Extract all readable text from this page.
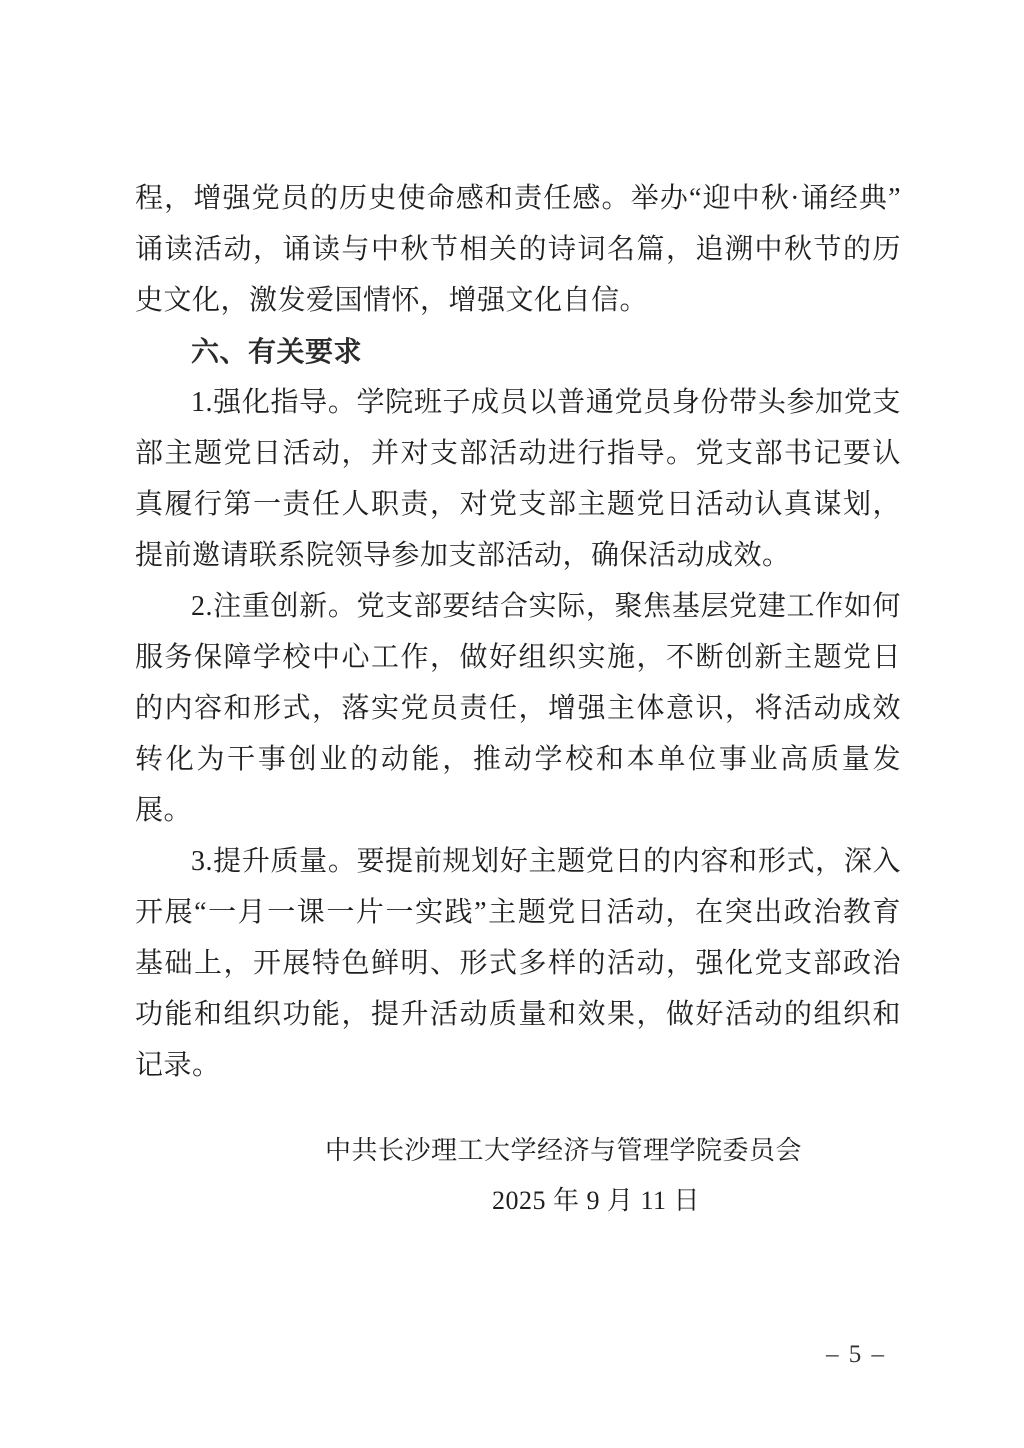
程，增强党员的历史使命感和责任感。举办“迎中秋·诵经典”诵读活动，诵读与中秋节相关的诗词名篇，追溯中秋节的历史文化，激发爱国情怀，增强文化自信。

六、有关要求

1.强化指导。学院班子成员以普通党员身份带头参加党支部主题党日活动，并对支部活动进行指导。党支部书记要认真履行第一责任人职责，对党支部主题党日活动认真谋划，提前邀请联系院领导参加支部活动，确保活动成效。

2.注重创新。党支部要结合实际，聚焦基层党建工作如何服务保障学校中心工作，做好组织实施，不断创新主题党日的内容和形式，落实党员责任，增强主体意识，将活动成效转化为干事创业的动能，推动学校和本单位事业高质量发展。

3.提升质量。要提前规划好主题党日的内容和形式，深入开展“一月一课一片一实践”主题党日活动，在突出政治教育基础上，开展特色鲜明、形式多样的活动，强化党支部政治功能和组织功能，提升活动质量和效果，做好活动的组织和记录。

中共长沙理工大学经济与管理学院委员会

2025 年 9 月 11 日

– 5 –
